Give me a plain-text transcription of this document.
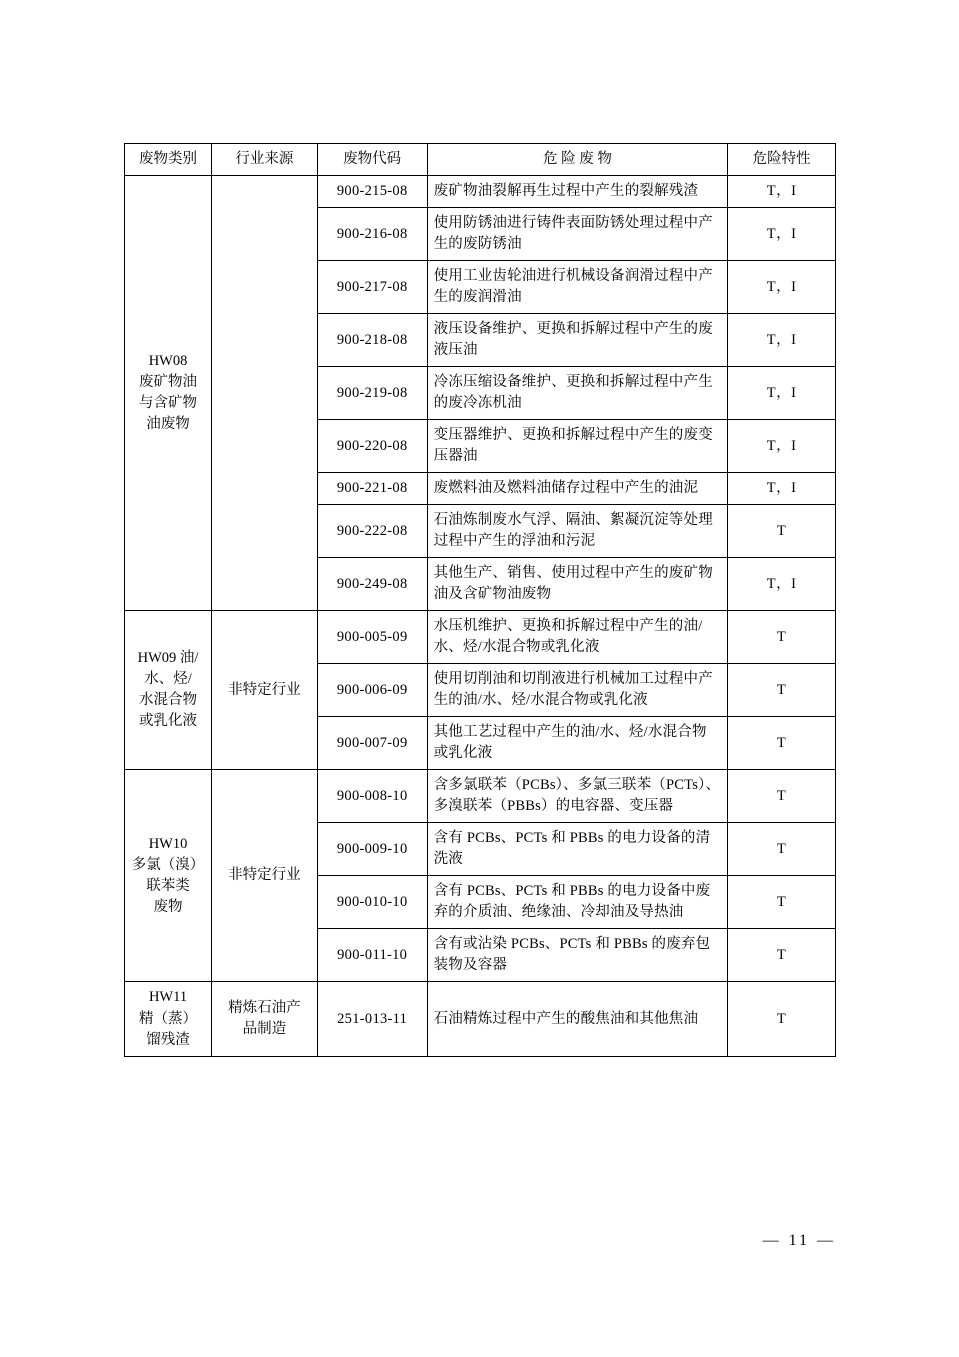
废物类别	行业来源	废物代码	危 险 废 物	危险特性
HW08
废矿物油
与含矿物
油废物		900-215-08	废矿物油裂解再生过程中产生的裂解残渣	T，I
		900-216-08	使用防锈油进行铸件表面防锈处理过程中产生的废防锈油	T，I
		900-217-08	使用工业齿轮油进行机械设备润滑过程中产生的废润滑油	T，I
		900-218-08	液压设备维护、更换和拆解过程中产生的废液压油	T，I
		900-219-08	冷冻压缩设备维护、更换和拆解过程中产生的废冷冻机油	T，I
		900-220-08	变压器维护、更换和拆解过程中产生的废变压器油	T，I
		900-221-08	废燃料油及燃料油储存过程中产生的油泥	T，I
		900-222-08	石油炼制废水气浮、隔油、絮凝沉淀等处理过程中产生的浮油和污泥	T
		900-249-08	其他生产、销售、使用过程中产生的废矿物油及含矿物油废物	T，I
HW09 油/
水、烃/
水混合物
或乳化液	非特定行业	900-005-09	水压机维护、更换和拆解过程中产生的油/水、烃/水混合物或乳化液	T
		900-006-09	使用切削油和切削液进行机械加工过程中产生的油/水、烃/水混合物或乳化液	T
		900-007-09	其他工艺过程中产生的油/水、烃/水混合物或乳化液	T
HW10
多氯（溴）
联苯类
废物	非特定行业	900-008-10	含多氯联苯（PCBs）、多氯三联苯（PCTs）、多溴联苯（PBBs）的电容器、变压器	T
		900-009-10	含有 PCBs、PCTs 和 PBBs 的电力设备的清洗液	T
		900-010-10	含有 PCBs、PCTs 和 PBBs 的电力设备中废弃的介质油、绝缘油、冷却油及导热油	T
		900-011-10	含有或沾染 PCBs、PCTs 和 PBBs 的废弃包装物及容器	T
HW11
精（蒸）
馏残渣	精炼石油产
品制造	251-013-11	石油精炼过程中产生的酸焦油和其他焦油	T
— 11 —
